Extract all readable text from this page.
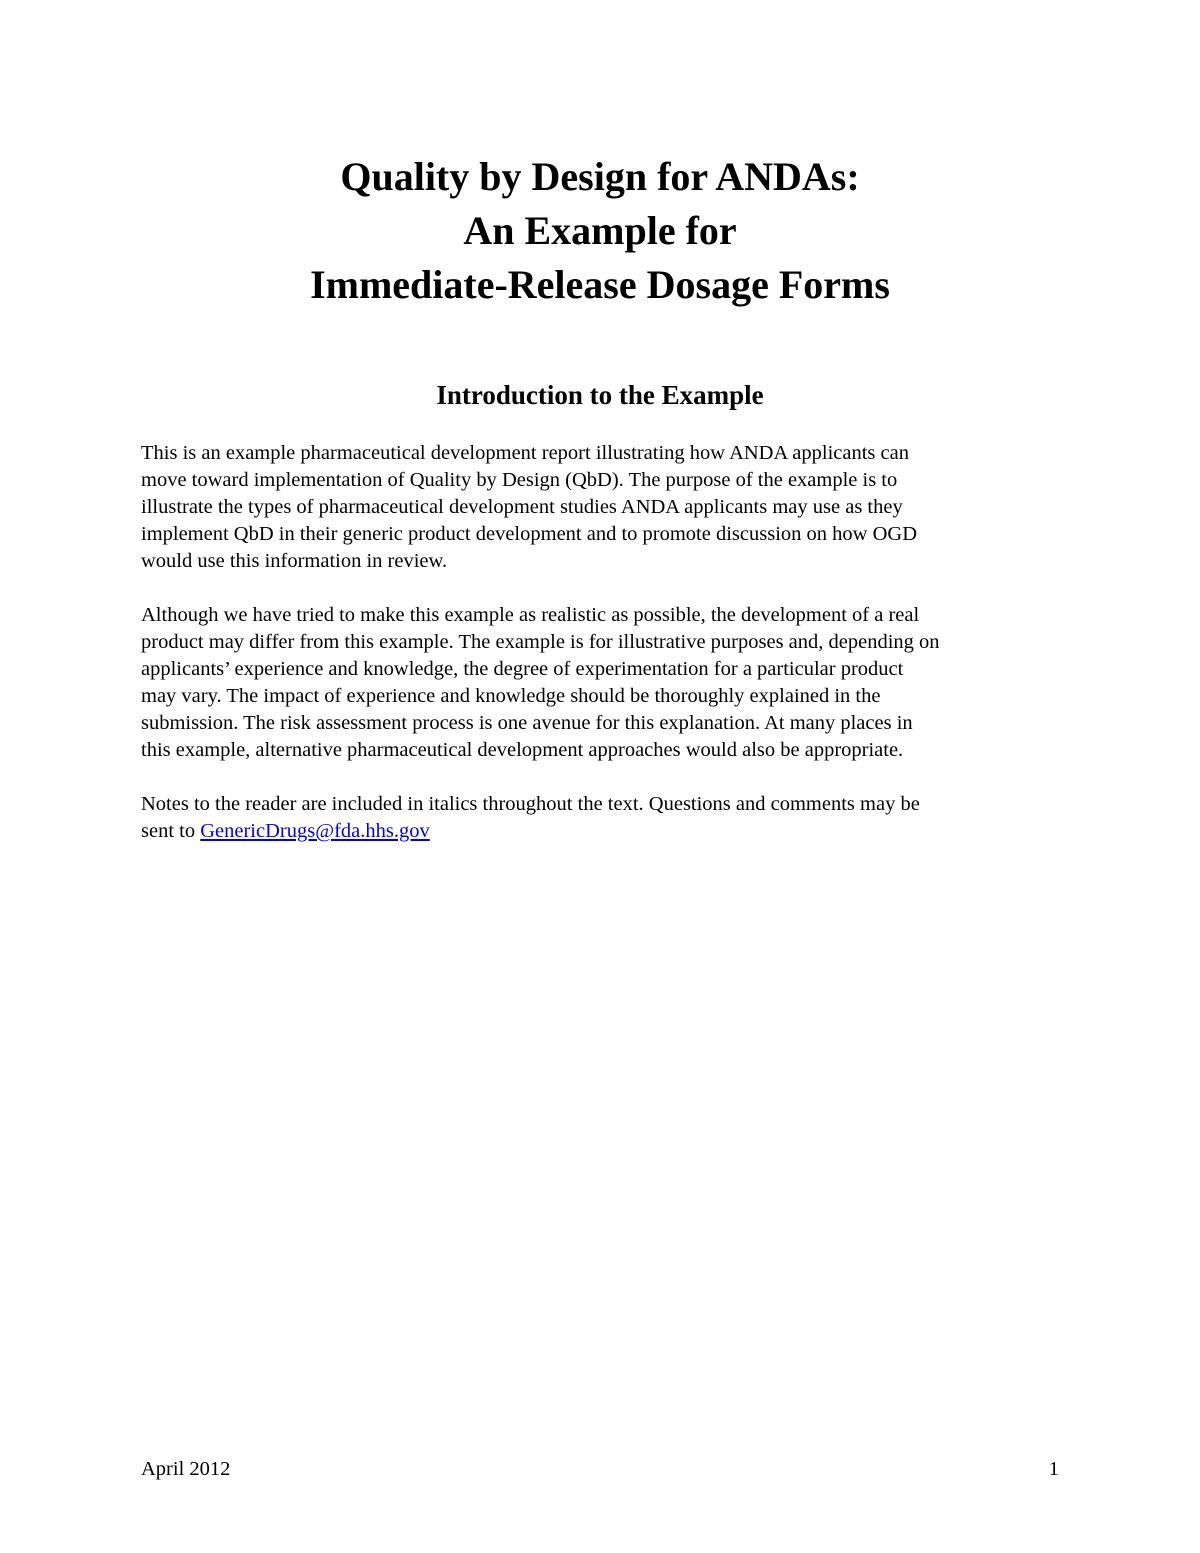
Quality by Design for ANDAs:
An Example for
Immediate-Release Dosage Forms
Introduction to the Example

This is an example pharmaceutical development report illustrating how ANDA applicants can
move toward implementation of Quality by Design (QbD). The purpose of the example is to
illustrate the types of pharmaceutical development studies ANDA applicants may use as they
implement QbD in their generic product development and to promote discussion on how OGD
would use this information in review.

Although we have tried to make this example as realistic as possible, the development of a real
product may differ from this example. The example is for illustrative purposes and, depending on
applicants’ experience and knowledge, the degree of experimentation for a particular product
may vary. The impact of experience and knowledge should be thoroughly explained in the
submission. The risk assessment process is one avenue for this explanation. At many places in
this example, alternative pharmaceutical development approaches would also be appropriate.

Notes to the reader are included in italics throughout the text. Questions and comments may be
sent to GenericDrugs@fda.hhs.gov

April 2012	1
